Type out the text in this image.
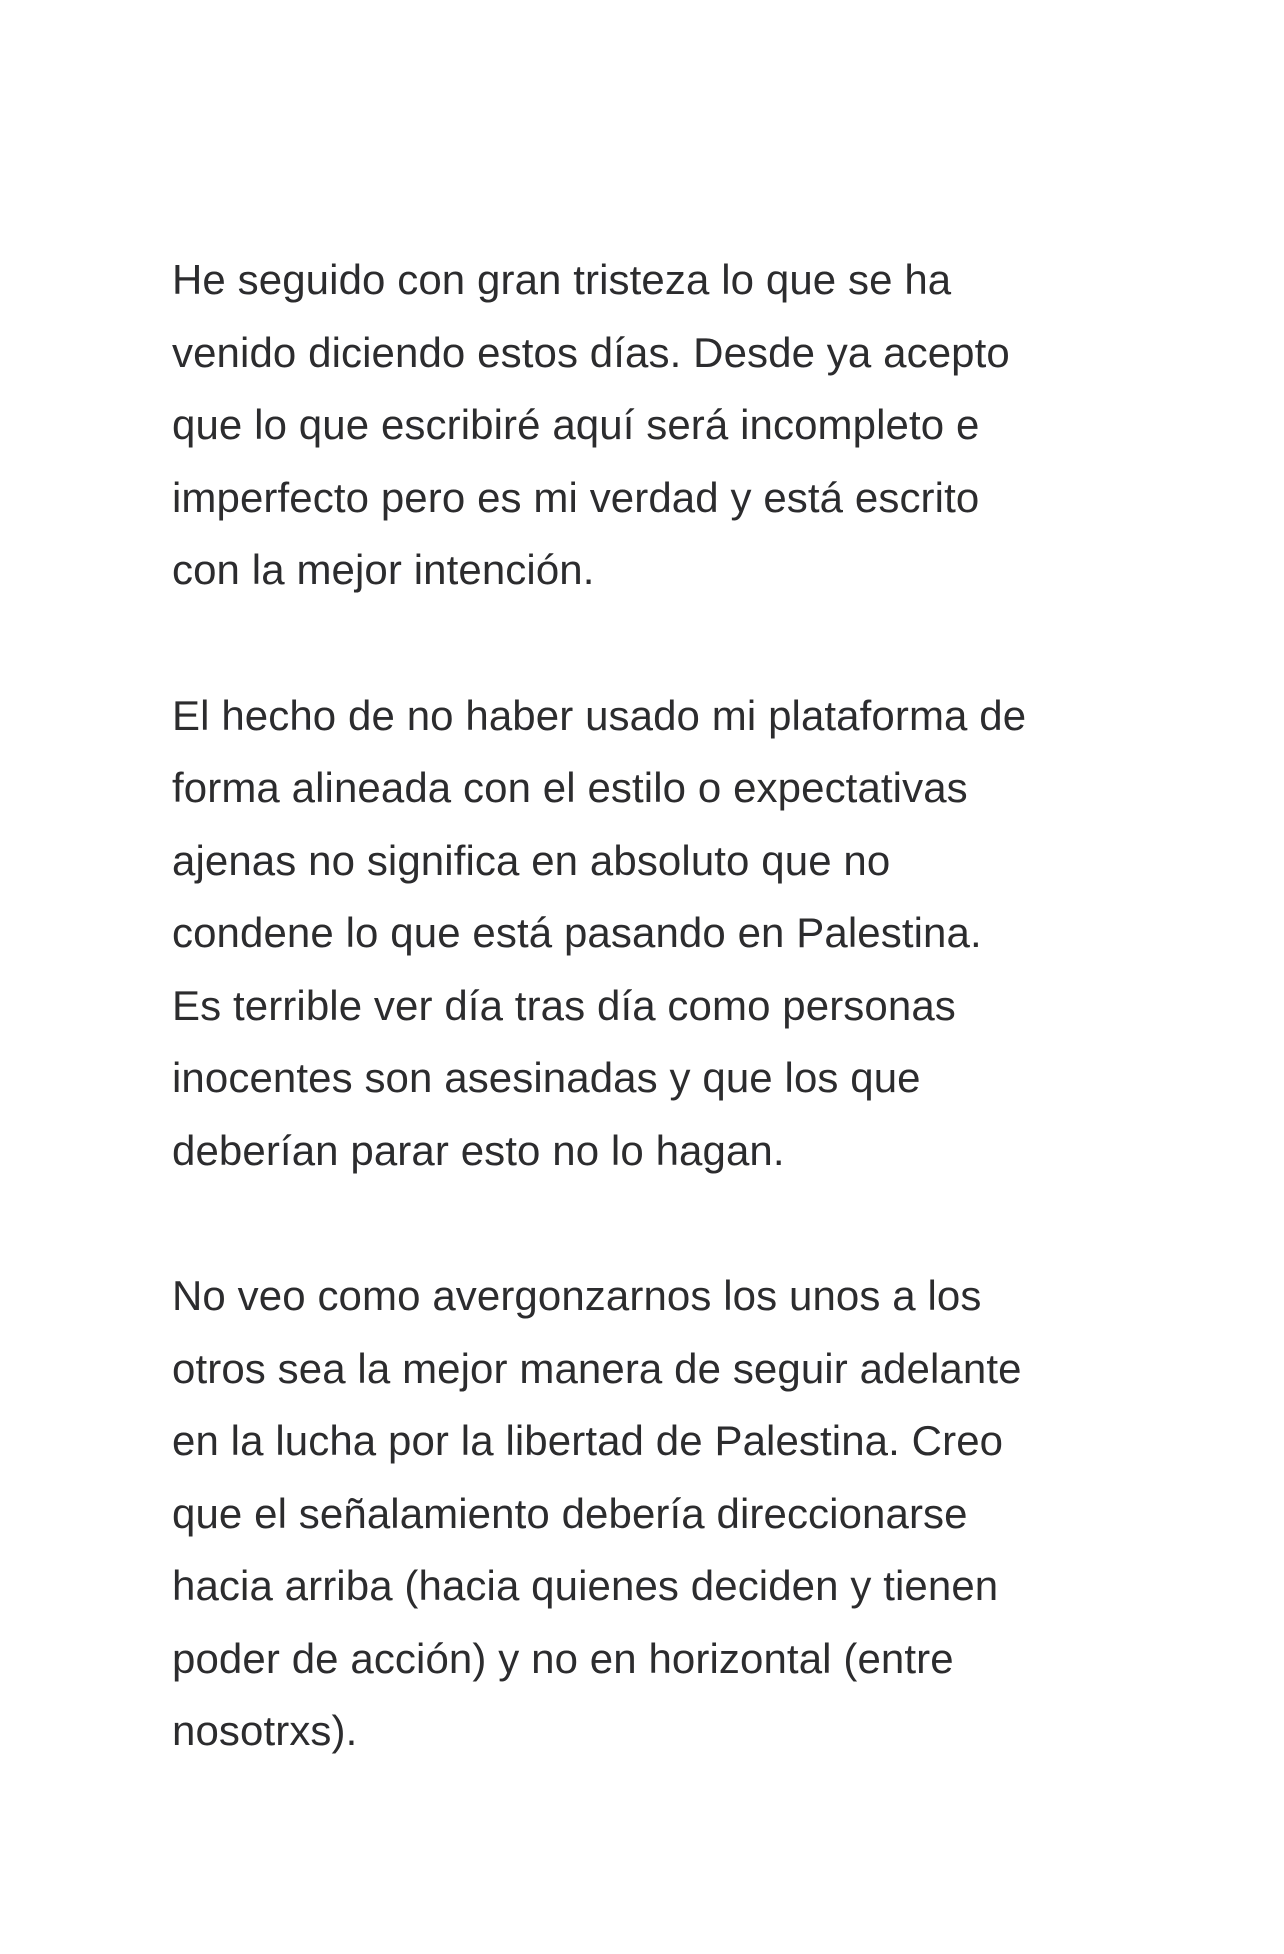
He seguido con gran tristeza lo que se ha
venido diciendo estos días. Desde ya acepto
que lo que escribiré aquí será incompleto e
imperfecto pero es mi verdad y está escrito
con la mejor intención.

El hecho de no haber usado mi plataforma de
forma alineada con el estilo o expectativas
ajenas no significa en absoluto que no
condene lo que está pasando en Palestina.
Es terrible ver día tras día como personas
inocentes son asesinadas y que los que
deberían parar esto no lo hagan.

No veo como avergonzarnos los unos a los
otros sea la mejor manera de seguir adelante
en la lucha por la libertad de Palestina. Creo
que el señalamiento debería direccionarse
hacia arriba (hacia quienes deciden y tienen
poder de acción) y no en horizontal (entre
nosotrxs).
